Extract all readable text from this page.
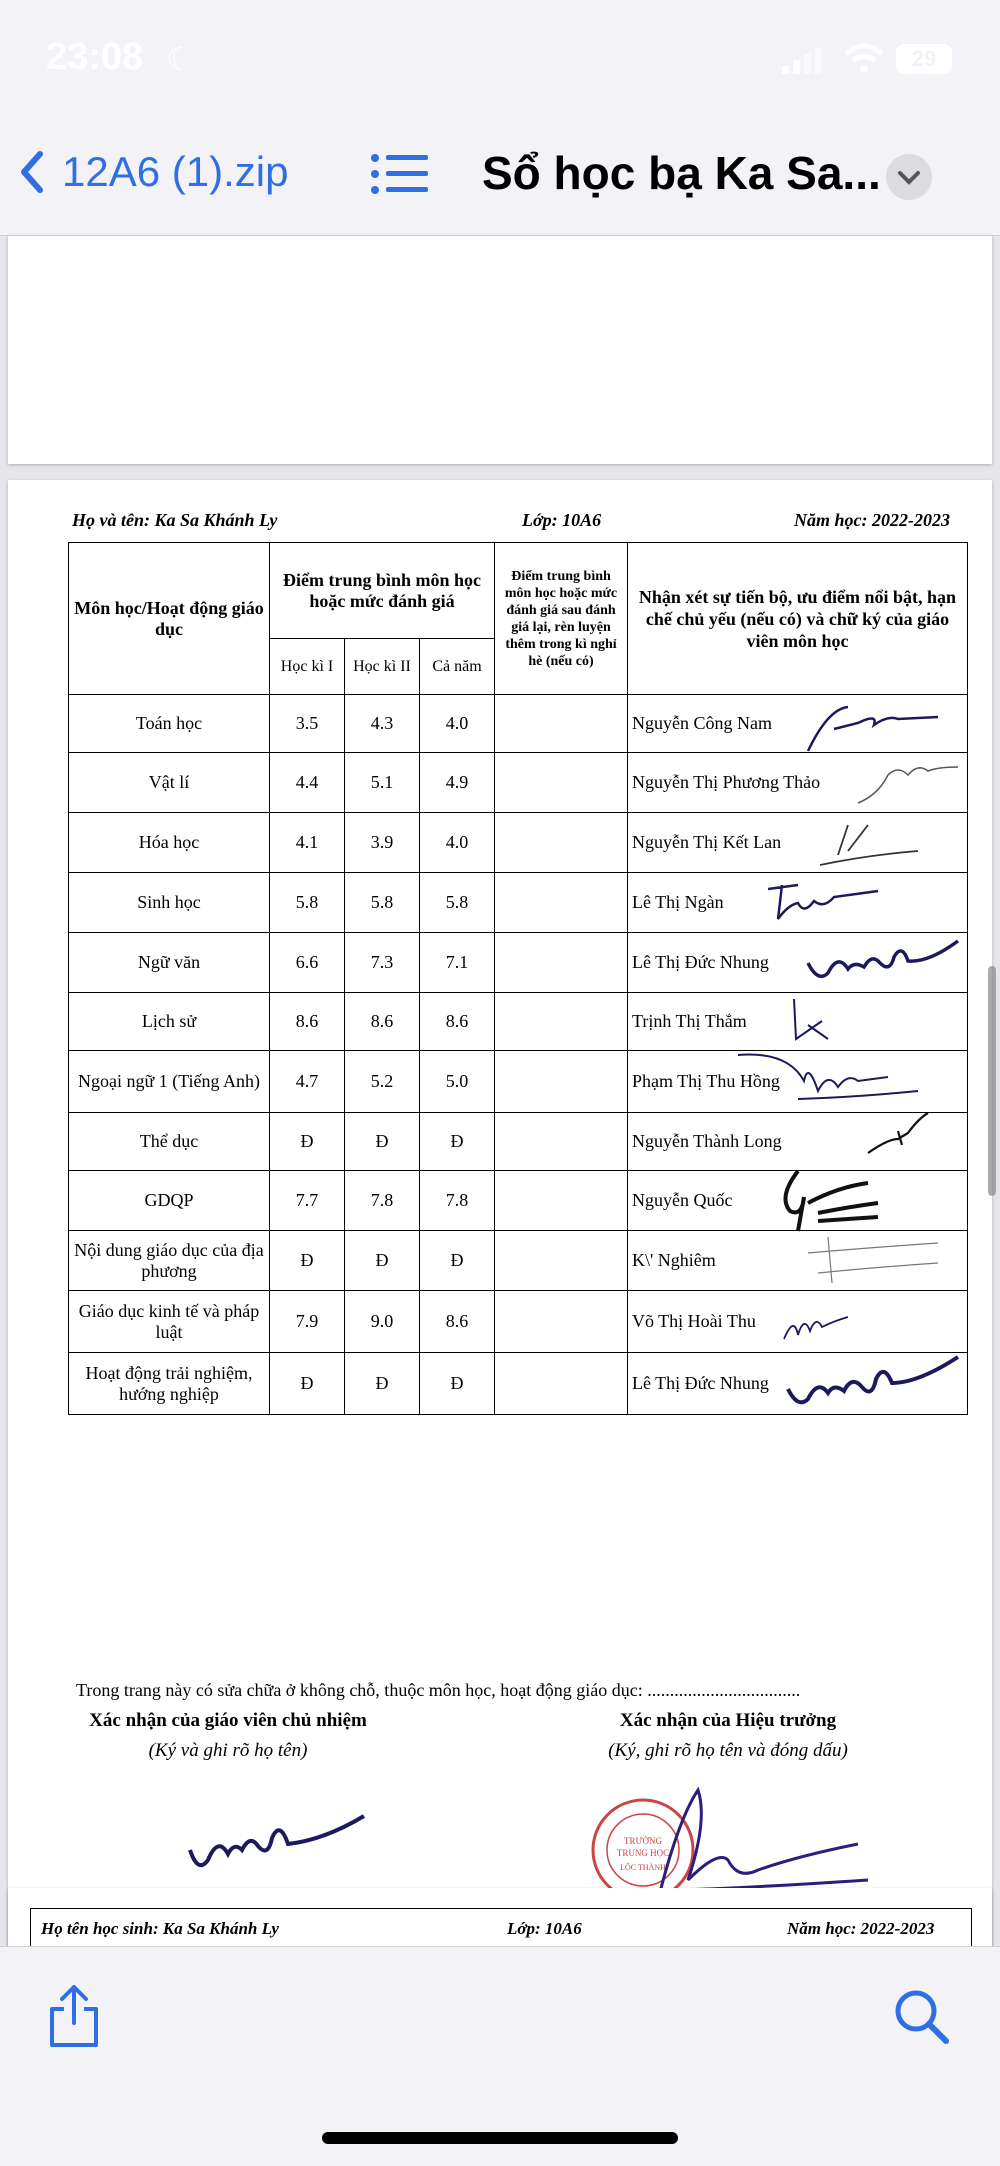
23:08 ☾	29
12A6 (1).zip	Sổ học bạ Ka Sa...
Họ và tên: Ka Sa Khánh Ly	Lớp: 10A6	Năm học: 2022-2023
Môn học/Hoạt động giáo dục	Điểm trung bình môn học hoặc mức đánh giá			Điểm trung bình môn học hoặc mức đánh giá sau đánh giá lại, rèn luyện thêm trong kì nghỉ hè (nếu có)	Nhận xét sự tiến bộ, ưu điểm nổi bật, hạn chế chủ yếu (nếu có) và chữ ký của giáo viên môn học
	Học kì I	Học kì II	Cả năm		
Toán học	3.5	4.3	4.0		Nguyễn Công Nam

Vật lí	4.4	5.1	4.9		Nguyễn Thị Phương Thảo

Hóa học	4.1	3.9	4.0		Nguyễn Thị Kết Lan

Sinh học	5.8	5.8	5.8		Lê Thị Ngàn

Ngữ văn	6.6	7.3	7.1		Lê Thị Đức Nhung

Lịch sử	8.6	8.6	8.6		Trịnh Thị Thắm

Ngoại ngữ 1 (Tiếng Anh)	4.7	5.2	5.0		Phạm Thị Thu Hồng

Thể dục	Đ	Đ	Đ		Nguyễn Thành Long

GDQP	7.7	7.8	7.8		Nguyễn Quốc

Nội dung giáo dục của địa phương	Đ	Đ	Đ		K\' Nghiêm

Giáo dục kinh tế và pháp luật	7.9	9.0	8.6		Võ Thị Hoài Thu

Hoạt động trải nghiệm, hướng nghiệp	Đ	Đ	Đ		Lê Thị Đức Nhung
Trong trang này có sửa chữa ở không chỗ, thuộc môn học, hoạt động giáo dục: ..................................
Xác nhận của giáo viên chủ nhiệm
(Ký và ghi rõ họ tên)
Xác nhận của Hiệu trưởng
(Ký, ghi rõ họ tên và đóng dấu)
TRƯỜNG
TRUNG HỌC
LỘC THÀNH
Họ tên học sinh: Ka Sa Khánh Ly	Lớp: 10A6	Năm học: 2022-2023
